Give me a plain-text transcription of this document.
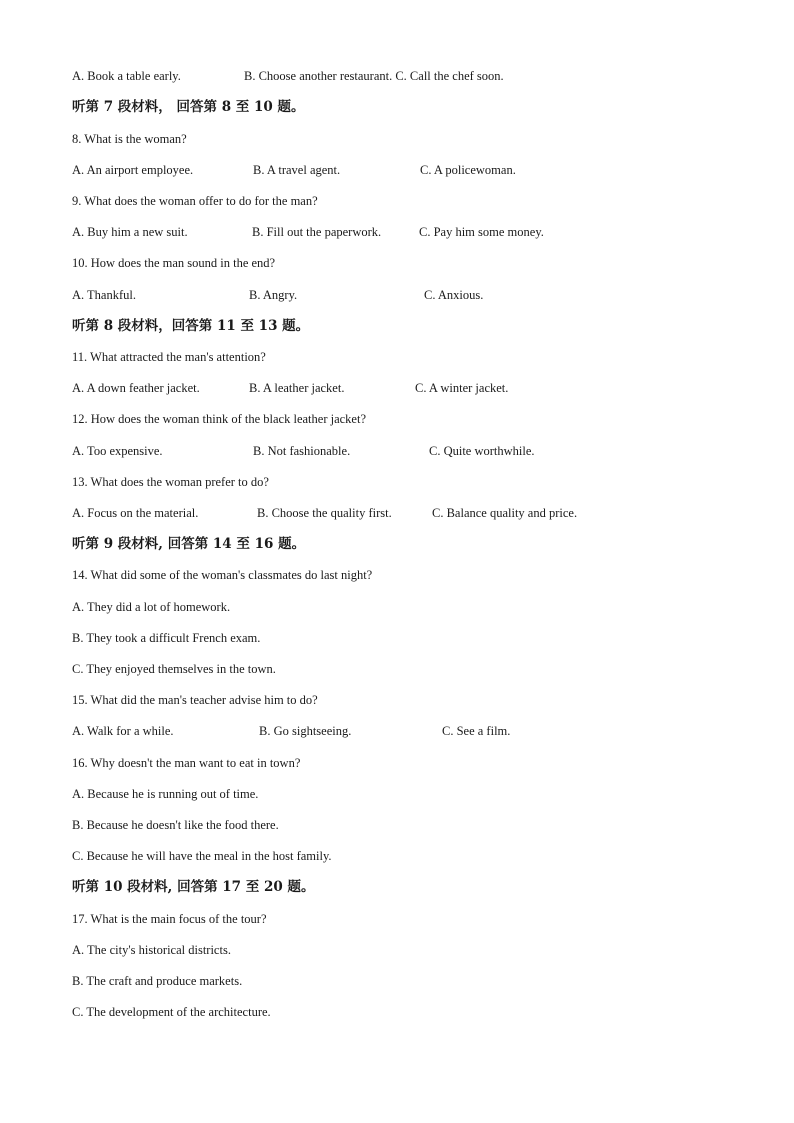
A. Book a table early.	B. Choose another restaurant. C. Call the chef soon.
听第 7 段材料， 回答第 8 至 10 题。
8. What is the woman?
A. An airport employee.	B. A travel agent.	C. A policewoman.
9. What does the woman offer to do for the man?
A. Buy him a new suit.	B. Fill out the paperwork.	C. Pay him some money.
10. How does the man sound in the end?
A. Thankful.	B. Angry.	C. Anxious.
听第 8 段材料，回答第 11 至 13 题。
11. What attracted the man's attention?
A. A down feather jacket.	B. A leather jacket.	C. A winter jacket.
12. How does the woman think of the black leather jacket?
A. Too expensive.	B. Not fashionable.	C. Quite worthwhile.
13. What does the woman prefer to do?
A. Focus on the material.	B. Choose the quality first.	C. Balance quality and price.
听第 9 段材料, 回答第 14 至 16 题。
14. What did some of the woman's classmates do last night?
A. They did a lot of homework.
B. They took a difficult French exam.
C. They enjoyed themselves in the town.
15. What did the man's teacher advise him to do?
A. Walk for a while.	B. Go sightseeing.	C. See a film.
16. Why doesn't the man want to eat in town?
A. Because he is running out of time.
B. Because he doesn't like the food there.
C. Because he will have the meal in the host family.
听第 10 段材料, 回答第 17 至 20 题。
17. What is the main focus of the tour?
A. The city's historical districts.
B. The craft and produce markets.
C. The development of the architecture.
